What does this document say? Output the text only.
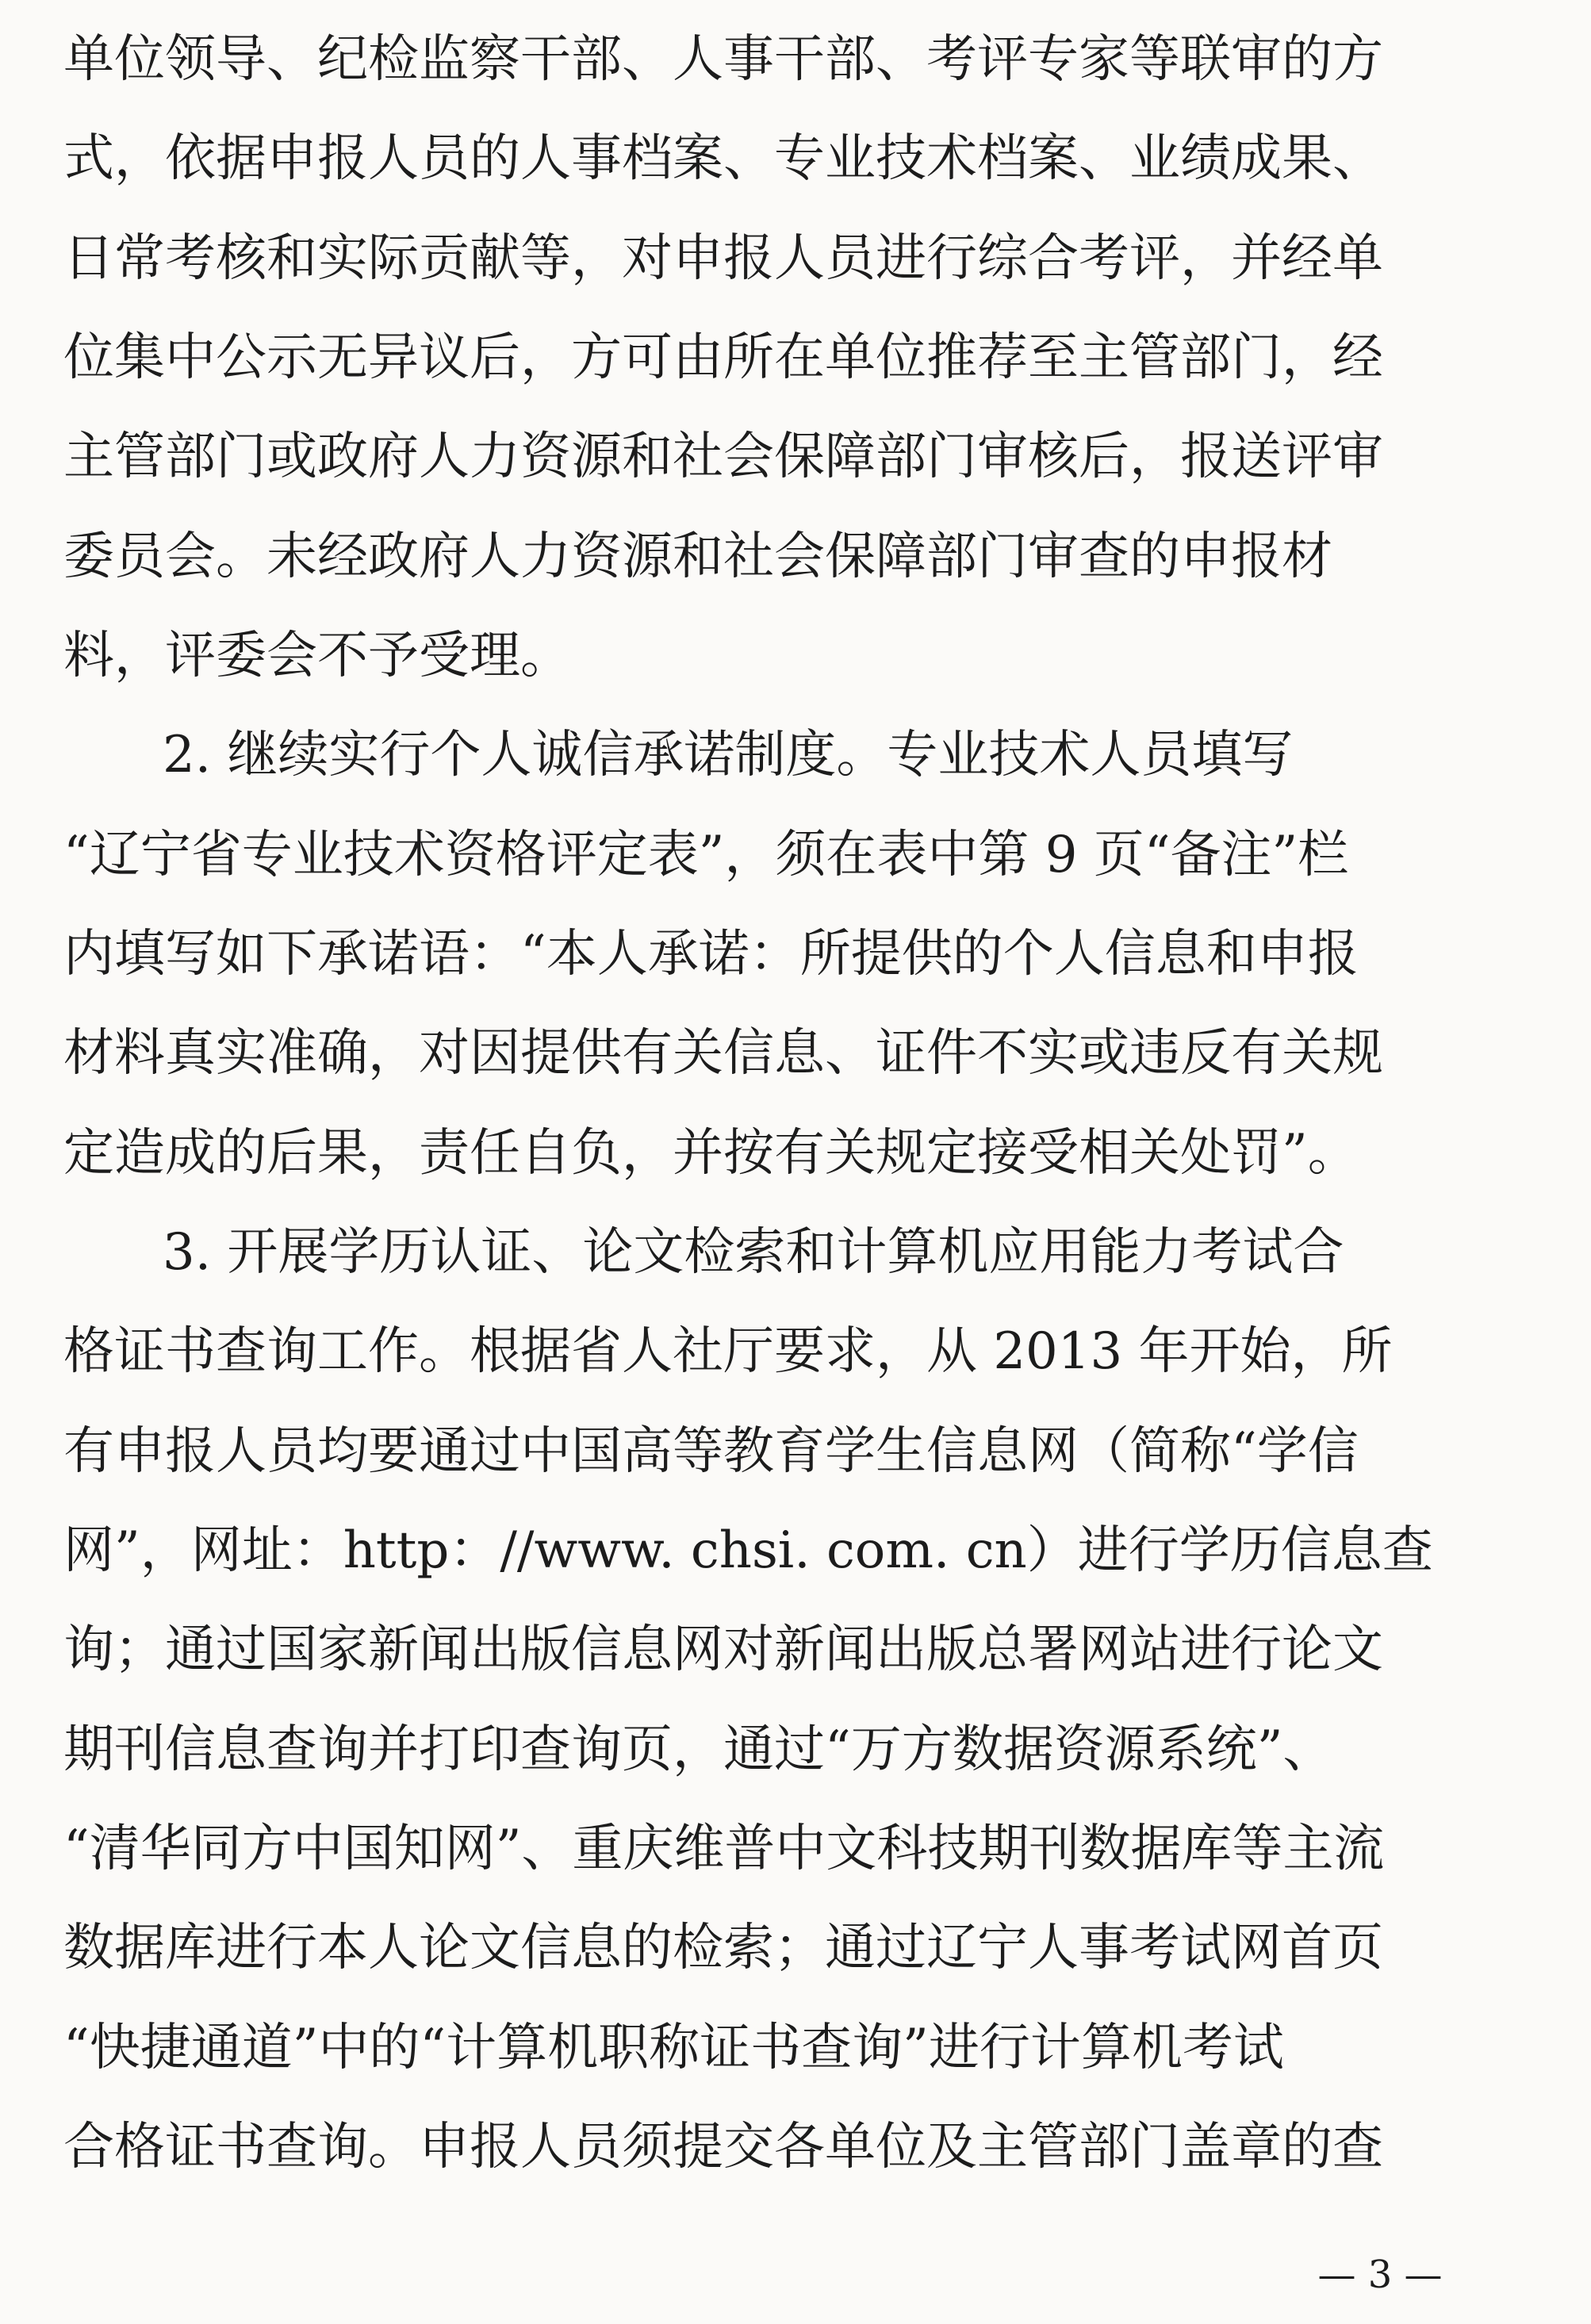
单位领导、纪检监察干部、人事干部、考评专家等联审的方
式，依据申报人员的人事档案、专业技术档案、业绩成果、
日常考核和实际贡献等，对申报人员进行综合考评，并经单
位集中公示无异议后，方可由所在单位推荐至主管部门，经
主管部门或政府人力资源和社会保障部门审核后，报送评审
委员会。未经政府人力资源和社会保障部门审查的申报材
料，评委会不予受理。
2. 继续实行个人诚信承诺制度。专业技术人员填写
“辽宁省专业技术资格评定表”，须在表中第 9 页“备注”栏
内填写如下承诺语：“本人承诺：所提供的个人信息和申报
材料真实准确，对因提供有关信息、证件不实或违反有关规
定造成的后果，责任自负，并按有关规定接受相关处罚”。
3. 开展学历认证、论文检索和计算机应用能力考试合
格证书查询工作。根据省人社厅要求，从 2013 年开始，所
有申报人员均要通过中国高等教育学生信息网（简称“学信
网”，网址：http：//www. chsi. com. cn）进行学历信息查
询；通过国家新闻出版信息网对新闻出版总署网站进行论文
期刊信息查询并打印查询页，通过“万方数据资源系统”、
“清华同方中国知网”、重庆维普中文科技期刊数据库等主流
数据库进行本人论文信息的检索；通过辽宁人事考试网首页
“快捷通道”中的“计算机职称证书查询”进行计算机考试
合格证书查询。申报人员须提交各单位及主管部门盖章的查
— 3 —
